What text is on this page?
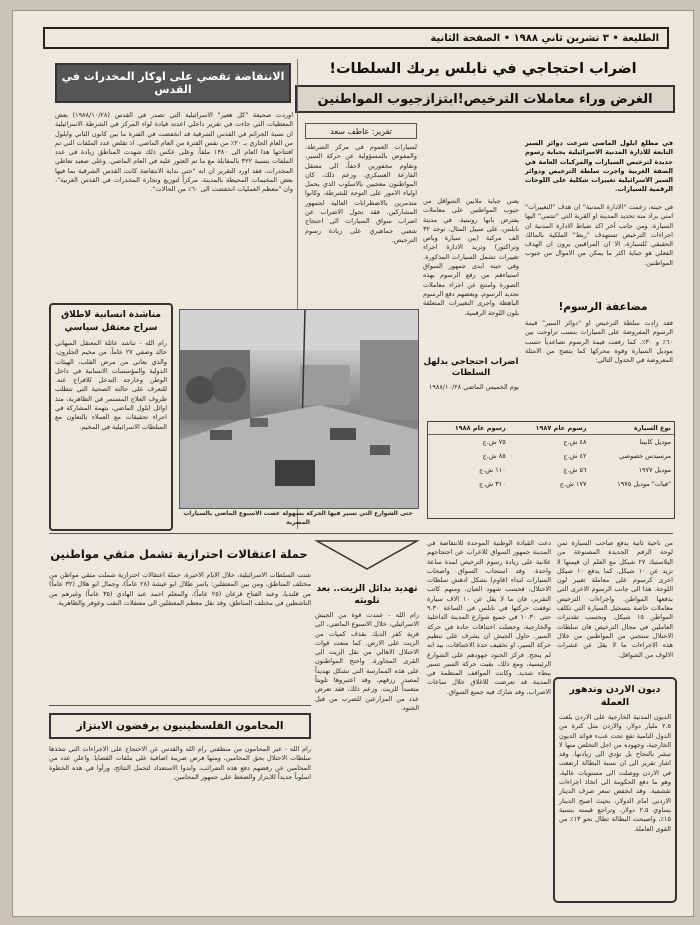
الطليعة • ٣ تشرين ثاني ١٩٨٨ • الصفحة الثانية
اضراب احتجاجي في نابلس يربك السلطات!
الغرض وراء معاملات الترخيص!ابتزازجيوب المواطنين
الانتفاضة تقضي على اوكار المخدرات في القدس
اوردت صحيفة "كل هعير" الاسرائيلية التي تصدر في القدس (١٩٨٨/١٠/٢٨) بعض المعطيات التي جاءت في تقرير داخلي اعدته قيادة لواء المركز في الشرطة الاسرائيلية ان نسبة الجرائم في القدس الشرقية قد انخفضت في الفترة ما بين كانون الثاني وايلول من العام الجاري بـ ٢٠٪ من نفس الفترة من العام الماضي. اذ تقلص عدد الملفات التي تم افتتاحها هذا العام الى ١٣٨٠ ملفاً. وعلى عكس ذلك شهدت المناطق زيادة في عدد الملفات بنسبة ٣٢٢ بالمقابلة مع ما تم العثور عليه في العام الماضي. وعلى صعيد تعاطي المخدرات، فقد اورد التقرير ان انه "حتى بداية الانتفاضة كانت القدس الشرقية بما فيها بعض المخيمات المحيطة بالمدينة، مركزاً لتوزيع وتجارة المخدرات في القدس الغربية"، وان "معظم العمليات انخفضت الى ٦٠٪ من الحالات".
تقرير: عاطف سعد
في مطلع ايلول الماضي شرعت دوائر السير التابعة للادارة المدنية الاسرائيلية بجباية رسوم جديدة لترخيص السيارات والمركبات العامة في الضفة الغربية واجرت سلطة الترخيص ودوائر السير الاسرائيلية تغييرات شكلية على اللوحات الرقمية للسيارات.
في حينه، زعمت "الادارة المدنية" ان هدف "التغييرات" امني يراد منه تحديد المدينة او القرية التي "تنتمي" اليها السيارة. ومن جانب آخر اكد ضباط الادارة المدنية ان اجراءات الترخيص تستهدف "ربط" الملكية بالمالك الحقيقي للسيارة، الا ان المراقبين يرون ان الهدف الفعلي هو جباية اكثر ما يمكن من الاموال من جيوب المواطنين.
مضاعفة الرسوم!
فقد زادت سلطة الترخيص او "دوائر السير" قيمة الرسوم المفروضة على السيارات بنسب تراوحت بين ٦٠٪ و ٣٠٪. كما رفعت قيمة الرسوم تصاعدياً حسب موديل السيارة وقوة محركها كما يتضح من الامثلة المعروضة في الجدول التالي:
يعني جباية ملايين الشواقل من جيوب المواطنين على معاملات يفترض بانها روتينية. في مدينة نابلس، على سبيل المثال، توجد ٣٢ الف مركبة (بين سيارة وباص وتراكتور) وتريد الادارة اجراء تغييرات تشمل السيارات المذكورة. وفي حينه ابدى جمهور السواق استياءهم من رفع الرسوم بهذه الصورة وامتنع عن اجراء معاملات تجديد الرسوم، وبعضهم دفع الرسوم الباهظة واجرى التغييرات المتعلقة بلون اللوحة الرقمية.
اضراب احتجاجي بدلهل السلطات
يوم الخميس الماضي ١٩٨٨/١٠/٢٨
لسيارات العموم في مركز الشرطة، والمفوض بالمسؤولية عن حركة السير، وتقاوم مخفورين لاحقاً، الى معتقل الفارعة العسكري. وزعم ذلك، كان المواطنون معجبين بالاسلوب الذي يحمل اولياء الامور على التوجه للشرطة، وكانوا متذمرين بالاضطرابات العالية لجمهور المشاركين. فقد تحول الاضراب عن اضراب سواق السيارات الى احتجاج شعبي جماهيري على زيادة رسوم الترخيص.
حتى الشوارع التي تسير فيها الحركة بسهولة غصت الاسبوع الماضي بالسيارات المصرية
نوع السيارة	رسوم عام ١٩٨٧	رسوم عام ١٩٨٨
موديل كابيتا	٤٨ ش.ج	٧٥ ش.ج
مرسيدس خصوصي	٤٢ ش.ج	٨٥ ش.ج
موديل ١٩٧٧	٥٦ ش.ج	١١٠ ش.ج
"فيات" موديل ١٩٧٥	١٧٧ ش.ج	٣١٠ ش.ج
مناشدة انسانية لاطلاق سراح معتقل سياسي
رام الله - تناشد عائلة المعتقل الميهاني خالد وصفي ٢٧ عاماً، من مخيم الجلزون، والذي يعاني من مرض القلب، الهيئات الدولية والمؤسسات الانسانية في داخل الوطن وخارجه التدخل للافراج عنه. للتعرف على حالته الصحية التي تتطلب ظروف العلاج المستمر في الظاهرية، منذ اوائل ايلول الماضي، بتهمة المشاركة في اجراء تحقيقات مع العملاء بالتعاون مع السلطات الاسرائيلية في المخيم.
حملة اعتقالات احترازية تشمل مثقي مواطنين
شنت السلطات الاسرائيلية، خلال الايام الاخيرة، حملة اعتقالات احترازية شملت مثقي مواطن من مختلف المناطق، ومن بين المعتقلين: ياسر طلال ابو عيشة (٢٨ عاماً)، وجمال ابو هلال (٣٢ عاماً) من قلنديا، وعبد الفتاح قرعان (٢٥ عاماً)، والمعلم احمد عبد الهادي (٣٥ عاماً) وغيرهم من الناشطين في مختلف المناطق، وقد نقل معظم المعتقلين الى معتقلات النقب وعوفر والظاهرية.
المحامون الفلسطينيون يرفضون الابتزاز
رام الله - عبر المحامون من منطقتي رام الله والقدس عن الاحتجاج على الاجراءات التي تتخذها سلطات الاحتلال بحق المحامين، ومنها فرض ضريبة اضافية على ملفات القضايا. واعلن عدد من المحامين عن رفضهم دفع هذه الضرائب، وابدوا الاستعداد لتحمل النتائج، ورأوا في هذه الخطوة اسلوباً جديداً للابتزاز والضغط على جمهور المحامين.
تهديد بدائل الزيت.. بعد تلويثه
رام الله - عمدت قوة من الجيش الاسرائيلي، خلال الاسبوع الماضي، الى قرية كفر الديك بقذف كميات من الزيت على الارض. كما منعت قوات الاحتلال الاهالي من نقل الزيت الى القرى المجاورة. واحتج المواطنون على هذه الممارسة التي تشكل تهديداً لمصدر رزقهم، وقد اعتبروها تلويثاً متعمداً للزيت. وزعم ذلك، فقد تعرض عدد من المزارعين للضرب من قبل الجنود.
دعت القيادة الوطنية الموحدة للانتفاضة في المدينة جمهور السواق للاعراب عن احتجاجهم علانية على زيادة رسوم الترخيص لمدة ساعة واحدة. وقد استجاب السواق واصحاب السيارات لنداء (قاوم) بشكل ادهش سلطات الاحتلال، فحسب شهود العيان، ومنهم كاتب التقرير، فان ما لا يقل عن ١٠ الاف سيارة توقفت حركتها في نابلس في الساعة ٩.٣٠ حتى ١٠.٣٠ في جميع شوارع المدينة الداخلية والخارجية، وحصلت اختناقات حادة في حركة السير. حاول الجيش ان يشرف على تنظيم حركة السير، او تخفيف حدة الاختناقات، بيد انه لم ينجح. فركز الجنود جهودهم على الشوارع الرئيسية، ومع ذلك، بقيت حركة السير تسير ببطء شديد. وكانت المواقف المنظمة في المدينة قد تعرضت للاغلاق خلال ساعات الاضراب، وقد شارك فيه جميع السواق.
من ناحية ثانية يدفع صاحب السيارة ثمن لوحة الرقم الجديدة المصنوعة من البلاستيك ٢٧ شيكل مع العلم ان قيمتها لا تزيد عن ١٠ شيكل. كما يدفع ١٠ شيكل اخرى كرسوم على معاملة تغيير لون اللوحة. هذا الى جانب الرسوم الاخرى التي يدفعها المواطن. واجراءات الترخيص معاملات خاصة بتسجيل السيارة التي تكلف المواطن ١٥ شيكل. وبحسب تقديرات العاملين في مجال الترخيص فان سلطات الاحتلال ستجبي من المواطنين من خلال هذه الاجراءات ما لا يقل عن عشرات الالوف من الشواقل.
ديون الاردن وتدهور العملة
الديون المدنية الخارجية على الاردن بلغت ٢.٥ مليار دولار، والاردن مثل كثرة من الدول النامية تقع تحت عبء فوائد الديون الخارجية، وجهوده من اجل التخلص منها لا تبشر بالنجاح بل تؤدي الى زيادتها. وقد اشار تقرير الى ان نسبة البطالة ارتفعت في الاردن ووصلت الى مستويات عالية، وهو ما دفع الحكومة الى اتخاذ اجراءات تقشفية. وقد انخفض سعر صرف الدينار الاردني امام الدولار، بحيث اصبح الدينار يساوي ٢.٥ دولار، وتراجع قيمته بنسبة ١٥٪، واصبحت البطالة تطال نحو ١٣٪ من القوى العاملة.
